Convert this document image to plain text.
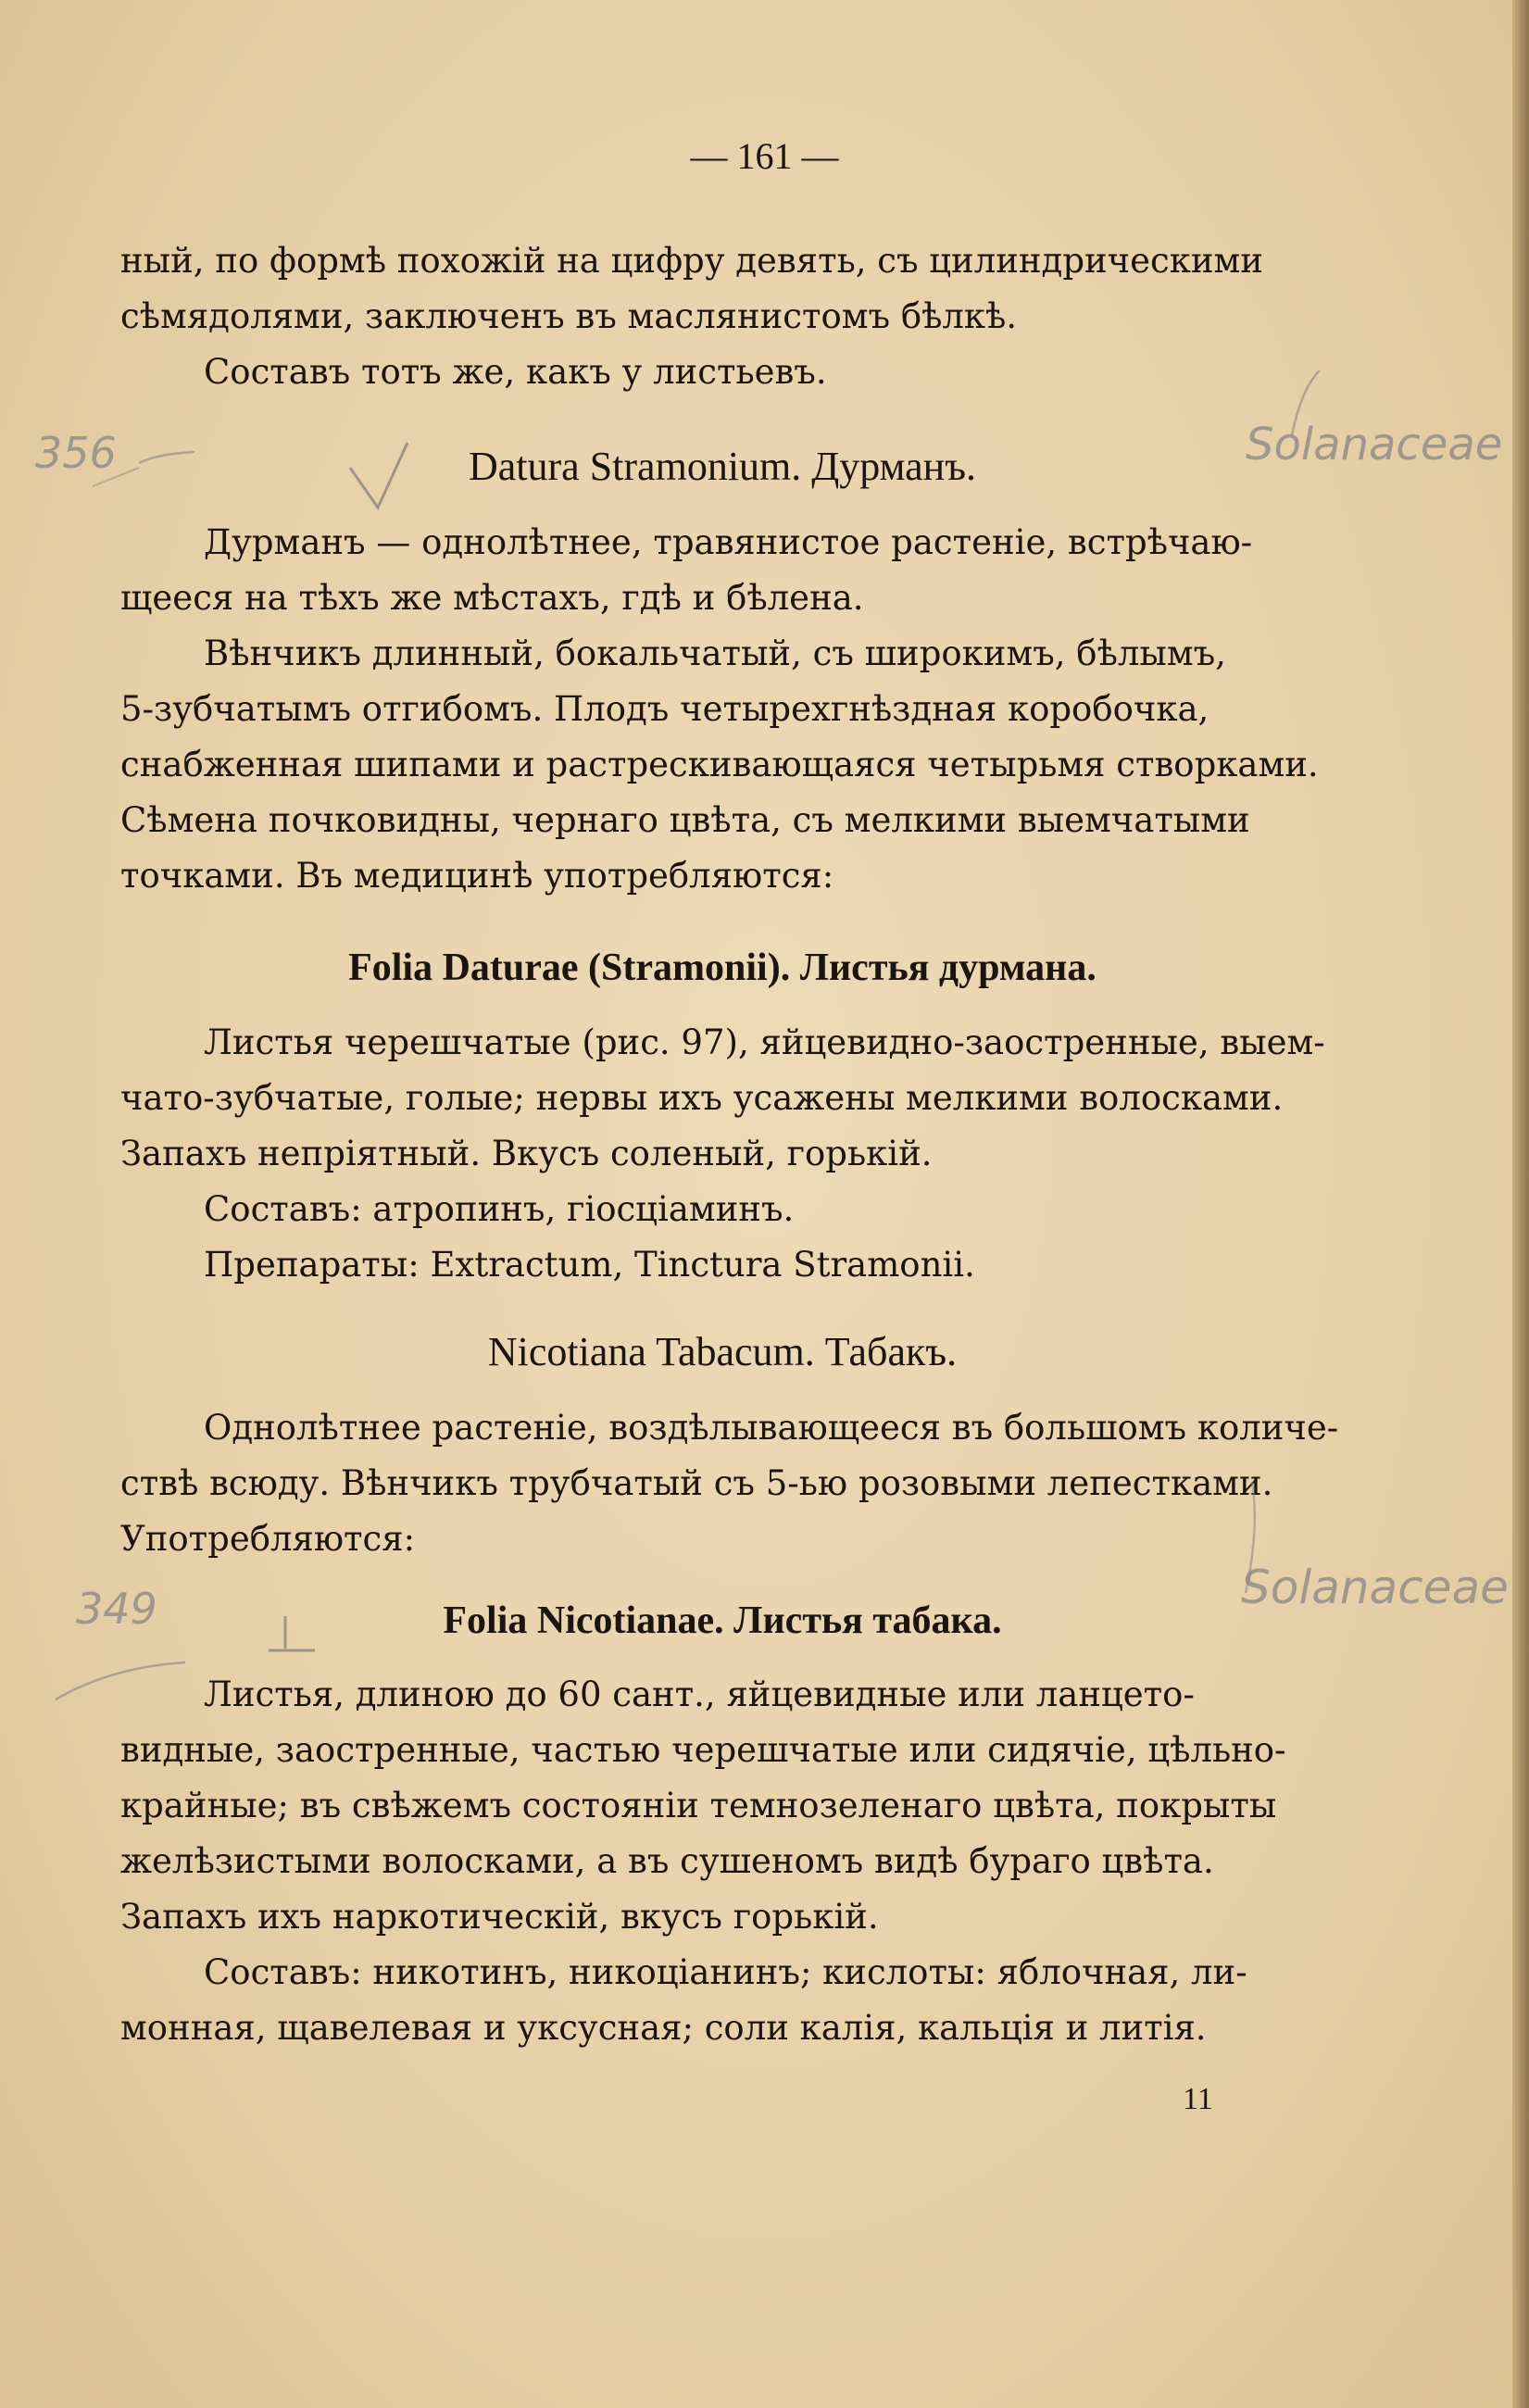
— 161 —
ный, по формѣ похожій на цифру девять, съ цилиндрическими
сѣмядолями, заключенъ въ маслянистомъ бѣлкѣ.
Составъ тотъ же, какъ у листьевъ.
Datura Stramonium. Дурманъ.
Дурманъ — однолѣтнее, травянистое растеніе, встрѣчаю-
щееся на тѣхъ же мѣстахъ, гдѣ и бѣлена.
Вѣнчикъ длинный, бокальчатый, съ широкимъ, бѣлымъ,
5-зубчатымъ отгибомъ. Плодъ четырехгнѣздная коробочка,
снабженная шипами и растрескивающаяся четырьмя створками.
Сѣмена почковидны, чернаго цвѣта, съ мелкими выемчатыми
точками. Въ медицинѣ употребляются:
Folia Daturae (Stramonii). Листья дурмана.
Листья черешчатые (рис. 97), яйцевидно-заостренные, выем-
чато-зубчатые, голые; нервы ихъ усажены мелкими волосками.
Запахъ непріятный. Вкусъ соленый, горькій.
Составъ: атропинъ, гіосціаминъ.
Препараты: Extractum, Tinctura Stramonii.
Nicotiana Tabacum. Табакъ.
Однолѣтнее растеніе, воздѣлывающееся въ большомъ количе-
ствѣ всюду. Вѣнчикъ трубчатый съ 5-ью розовыми лепестками.
Употребляются:
Folia Nicotianae. Листья табака.
Листья, длиною до 60 сант., яйцевидные или ланцето-
видные, заостренные, частью черешчатые или сидячіе, цѣльно-
крайные; въ свѣжемъ состояніи темнозеленаго цвѣта, покрыты
желѣзистыми волосками, а въ сушеномъ видѣ бураго цвѣта.
Запахъ ихъ наркотическій, вкусъ горькій.
Составъ: никотинъ, никоціанинъ; кислоты: яблочная, ли-
монная, щавелевая и уксусная; соли калія, кальція и литія.
11
356	Solanaceae
349	Solanaceae
